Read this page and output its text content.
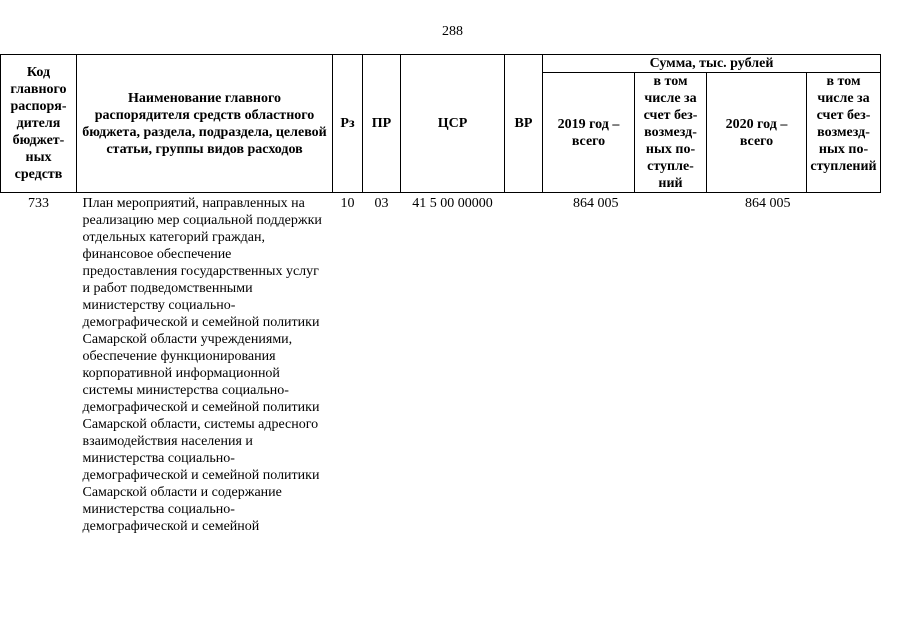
288
Код главного распоря-дителя бюджет-ных средств	Наименование главного распорядителя средств областного бюджета, раздела, подраздела, целевой статьи, группы видов расходов	Рз	ПР	ЦСР	ВР	Сумма, тыс. рублей			
						2019 год – всего	в том числе за счет без-возмезд-ных по-ступле-ний	2020 год – всего	в том числе за счет без-возмезд-ных по-ступлений
733	План мероприятий, направленных на реализацию мер социальной поддержки отдельных категорий граждан, финансовое обеспечение предоставления государственных услуг и работ подведомственными министерству социально-демографической и семейной политики Самарской области учреждениями, обеспечение функционирования корпоративной информационной системы министерства социально-демографической и семейной политики Самарской области, системы адресного взаимодействия населения и министерства социально-демографической и семейной политики Самарской области и содержание министерства социально-демографической и семейной	10	03	41 5 00 00000		864 005		864 005	
